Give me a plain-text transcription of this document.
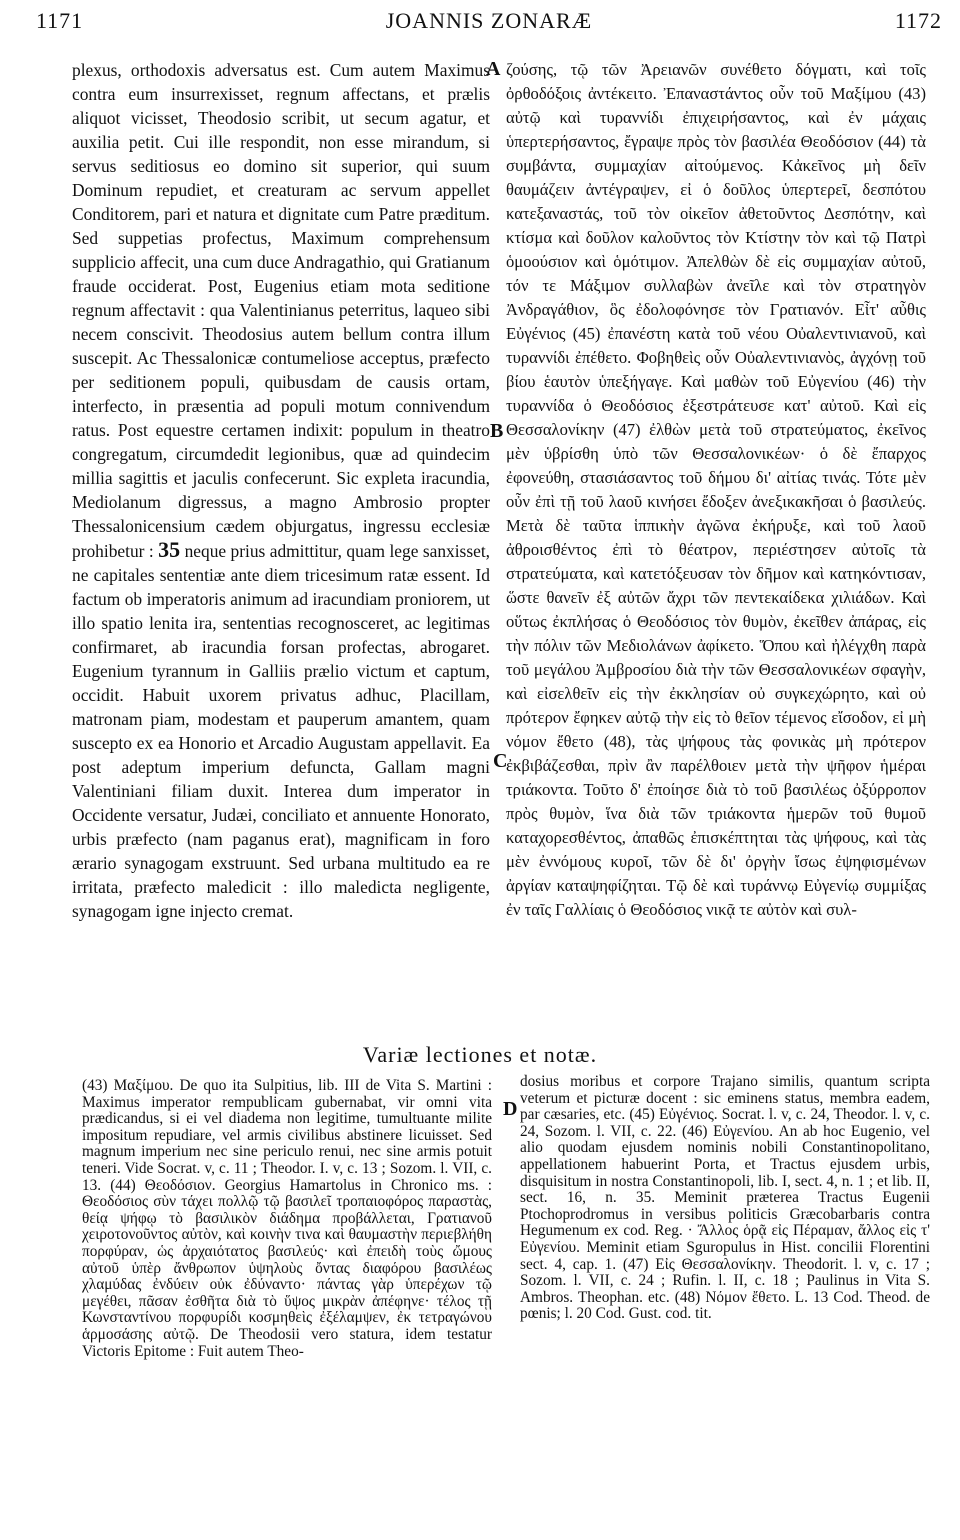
1171	JOANNIS ZONARÆ	1172

plexus, orthodoxis adversatus est. Cum autem Maximus contra eum insurrexisset, regnum affectans, et prælis aliquot vicisset, Theodosio scribit, ut secum agatur, et auxilia petit. Cui ille respondit, non esse mirandum, si servus seditiosus eo domino sit superior, qui suum Dominum repudiet, et creaturam ac servum appellet Conditorem, pari et natura et dignitate cum Patre præditum. Sed suppetias profectus, Maximum comprehensum supplicio affecit, una cum duce Andragathio, qui Gratianum fraude occiderat. Post, Eugenius etiam mota seditione regnum affectavit : qua Valentinianus peterritus, laqueo sibi necem conscivit. Theodosius autem bellum contra illum suscepit. Ac Thessalonicæ contumeliose acceptus, præfecto per seditionem populi, quibusdam de causis ortam, interfecto, in præsentia ad populi motum connivendum ratus. Post equestre certamen indixit: populum in theatro congregatum, circumdedit legionibus, quæ ad quindecim millia sagittis et jaculis confecerunt. Sic expleta iracundia, Mediolanum digressus, a magno Ambrosio propter Thessalonicensium cædem objurgatus, ingressu ecclesiæ prohibetur : 35 neque prius admittitur, quam lege sanxisset, ne capitales sententiæ ante diem tricesimum ratæ essent. Id factum ob imperatoris animum ad iracundiam proniorem, ut illo spatio lenita ira, sententias recognosceret, ac legitimas confirmaret, ab iracundia forsan profectas, abrogaret. Eugenium tyrannum in Galliis prælio victum et captum, occidit. Habuit uxorem privatus adhuc, Placillam, matronam piam, modestam et pauperum amantem, quam suscepto ex ea Honorio et Arcadio Augustam appellavit. Ea post adeptum imperium defuncta, Gallam magni Valentiniani filiam duxit. Interea dum imperator in Occidente versatur, Judæi, conciliato et annuente Honorato, urbis præfecto (nam paganus erat), magnificam in foro ærario synagogam exstruunt. Sed urbana multitudo ea re irritata, præfecto maledicit : illo maledicta negligente, synagogam igne injecto cremat.

A
B
C
D

ζούσης, τῷ τῶν Ἀρειανῶν συνέθετο δόγματι, καὶ τοῖς ὀρθοδόξοις ἀντέκειτο. Ἐπαναστάντος οὖν τοῦ Μαξίμου (43) αὐτῷ καὶ τυραννίδι ἐπιχειρήσαντος, καὶ ἐν μάχαις ὑπερτερήσαντος, ἔγραψε πρὸς τὸν βασιλέα Θεοδόσιον (44) τὰ συμβάντα, συμμαχίαν αἰτούμενος. Κἀκεῖνος μὴ δεῖν θαυμάζειν ἀντέγραψεν, εἰ ὁ δοῦλος ὑπερτερεῖ, δεσπότου κατεξαναστάς, τοῦ τὸν οἰκεῖον ἀθετοῦντος Δεσπότην, καὶ κτίσμα καὶ δοῦλον καλοῦντος τὸν Κτίστην τὸν καὶ τῷ Πατρὶ ὁμοούσιον καὶ ὁμότιμον. Ἀπελθὼν δὲ εἰς συμμαχίαν αὐτοῦ, τόν τε Μάξιμον συλλαβὼν ἀνεῖλε καὶ τὸν στρατηγὸν Ἀνδραγάθιον, ὃς ἐδολοφόνησε τὸν Γρατιανόν. Εἶτ' αὖθις Εὐγένιος (45) ἐπανέστη κατὰ τοῦ νέου Οὐαλεντινιανοῦ, καὶ τυραννίδι ἐπέθετο. Φοβηθεὶς οὖν Οὐαλεντινιανὸς, ἀγχόνῃ τοῦ βίου ἑαυτὸν ὑπεξήγαγε. Καὶ μαθὼν τοῦ Εὐγενίου (46) τὴν τυραννίδα ὁ Θεοδόσιος ἐξεστράτευσε κατ' αὐτοῦ. Καὶ εἰς Θεσσαλονίκην (47) ἐλθὼν μετὰ τοῦ στρατεύματος, ἐκεῖνος μὲν ὑβρίσθη ὑπὸ τῶν Θεσσαλονικέων· ὁ δὲ ἔπαρχος ἐφονεύθη, στασιάσαντος τοῦ δήμου δι' αἰτίας τινάς. Τότε μὲν οὖν ἐπὶ τῇ τοῦ λαοῦ κινήσει ἔδοξεν ἀνεξικακῆσαι ὁ βασιλεύς. Μετὰ δὲ ταῦτα ἱππικὴν ἀγῶνα ἐκήρυξε, καὶ τοῦ λαοῦ ἀθροισθέντος ἐπὶ τὸ θέατρον, περιέστησεν αὐτοῖς τὰ στρατεύματα, καὶ κατετόξευσαν τὸν δῆμον καὶ κατηκόντισαν, ὥστε θανεῖν ἐξ αὐτῶν ἄχρι τῶν πεντεκαίδεκα χιλιάδων. Καὶ οὕτως ἐκπλήσας ὁ Θεοδόσιος τὸν θυμὸν, ἐκεῖθεν ἀπάρας, εἰς τὴν πόλιν τῶν Μεδιολάνων ἀφίκετο. Ὅπου καὶ ἠλέγχθη παρὰ τοῦ μεγάλου Ἀμβροσίου διὰ τὴν τῶν Θεσσαλονικέων σφαγὴν, καὶ εἰσελθεῖν εἰς τὴν ἐκκλησίαν οὐ συγκεχώρητο, καὶ οὐ πρότερον ἔφηκεν αὐτῷ τὴν εἰς τὸ θεῖον τέμενος εἴσοδον, εἰ μὴ νόμον ἔθετο (48), τὰς ψήφους τὰς φονικὰς μὴ πρότερον ἐκβιβάζεσθαι, πρὶν ἂν παρέλθοιεν μετὰ τὴν ψῆφον ἡμέραι τριάκοντα. Τοῦτο δ' ἐποίησε διὰ τὸ τοῦ βασιλέως ὀξύρροπον πρὸς θυμὸν, ἵνα διὰ τῶν τριάκοντα ἡμερῶν τοῦ θυμοῦ καταχορεσθέντος, ἀπαθῶς ἐπισκέπτηται τὰς ψήφους, καὶ τὰς μὲν ἐννόμους κυροῖ, τῶν δὲ δι' ὀργὴν ἴσως ἐψηφισμένων ἀργίαν καταψηφίζηται. Τῷ δὲ καὶ τυράννῳ Εὐγενίῳ συμμίξας ἐν ταῖς Γαλλίαις ὁ Θεοδόσιος νικᾷ τε αὐτὸν καὶ συλ-

Variæ lectiones et notæ.

(43) Μαξίμου. De quo ita Sulpitius, lib. III de Vita S. Martini : Maximus imperator rempublicam gubernabat, vir omni vita prædicandus, si ei vel diadema non legitime, tumultuante milite impositum repudiare, vel armis civilibus abstinere licuisset. Sed magnum imperium nec sine periculo renui, nec sine armis potuit teneri. Vide Socrat. v, c. 11 ; Theodor. I. v, c. 13 ; Sozom. l. VII, c. 13. (44) Θεοδόσιον. Georgius Hamartolus in Chronico ms. : Θεοδόσιος σὺν τάχει πολλῷ τῷ βασιλεῖ τροπαιοφόρος παραστὰς, θείᾳ ψήφῳ τὸ βασιλικὸν διάδημα προβάλλεται, Γρατιανοῦ χειροτονοῦντος αὐτὸν, καὶ κοινὴν τινα καὶ θαυμαστὴν περιεβλήθη πορφύραν, ὡς ἀρχαιότατος βασιλεύς· καὶ ἐπειδὴ τοὺς ὤμους αὐτοῦ ὑπὲρ ἄνθρωπον ὑψηλοὺς ὄντας διαφόρου βασιλέως χλαμύδας ἐνδύειν οὐκ ἐδύναντο· πάντας γὰρ ὑπερέχων τῷ μεγέθει, πᾶσαν ἐσθῆτα διὰ τὸ ὕψος μικρὰν ἀπέφηνε· τέλος τῇ Κωνσταντίνου πορφυρίδι κοσμηθεὶς ἐξέλαμψεν, ἐκ τετραγώνου ἁρμοσάσης αὐτῷ. De Theodosii vero statura, idem testatur Victoris Epitome : Fuit autem Theo-

dosius moribus et corpore Trajano similis, quantum scripta veterum et picturæ docent : sic eminens status, membra eadem, par cæsaries, etc. (45) Εὐγένιος. Socrat. l. v, c. 24, Theodor. l. v, c. 24, Sozom. l. VII, c. 22. (46) Εὐγενίου. An ab hoc Eugenio, vel alio quodam ejusdem nominis nobili Constantinopolitano, appellationem habuerint Porta, et Tractus ejusdem urbis, disquisitum in nostra Constantinopoli, lib. I, sect. 4, n. 1 ; et lib. II, sect. 16, n. 35. Meminit præterea Tractus Eugenii Ptochoprodromus in versibus politicis Græcobarbaris contra Hegumenum ex cod. Reg. · Ἄλλος ὁρᾷ εἰς Πέραμαν, ἄλλος εἰς τ' Εὐγενίου. Meminit etiam Sguropulus in Hist. concilii Florentini sect. 4, cap. 1. (47) Εἰς Θεσσαλονίκην. Theodorit. l. v, c. 17 ; Sozom. l. VII, c. 24 ; Rufin. l. II, c. 18 ; Paulinus in Vita S. Ambros. Theophan. etc. (48) Νόμον ἔθετο. L. 13 Cod. Theod. de pœnis; l. 20 Cod. Gust. cod. tit.
